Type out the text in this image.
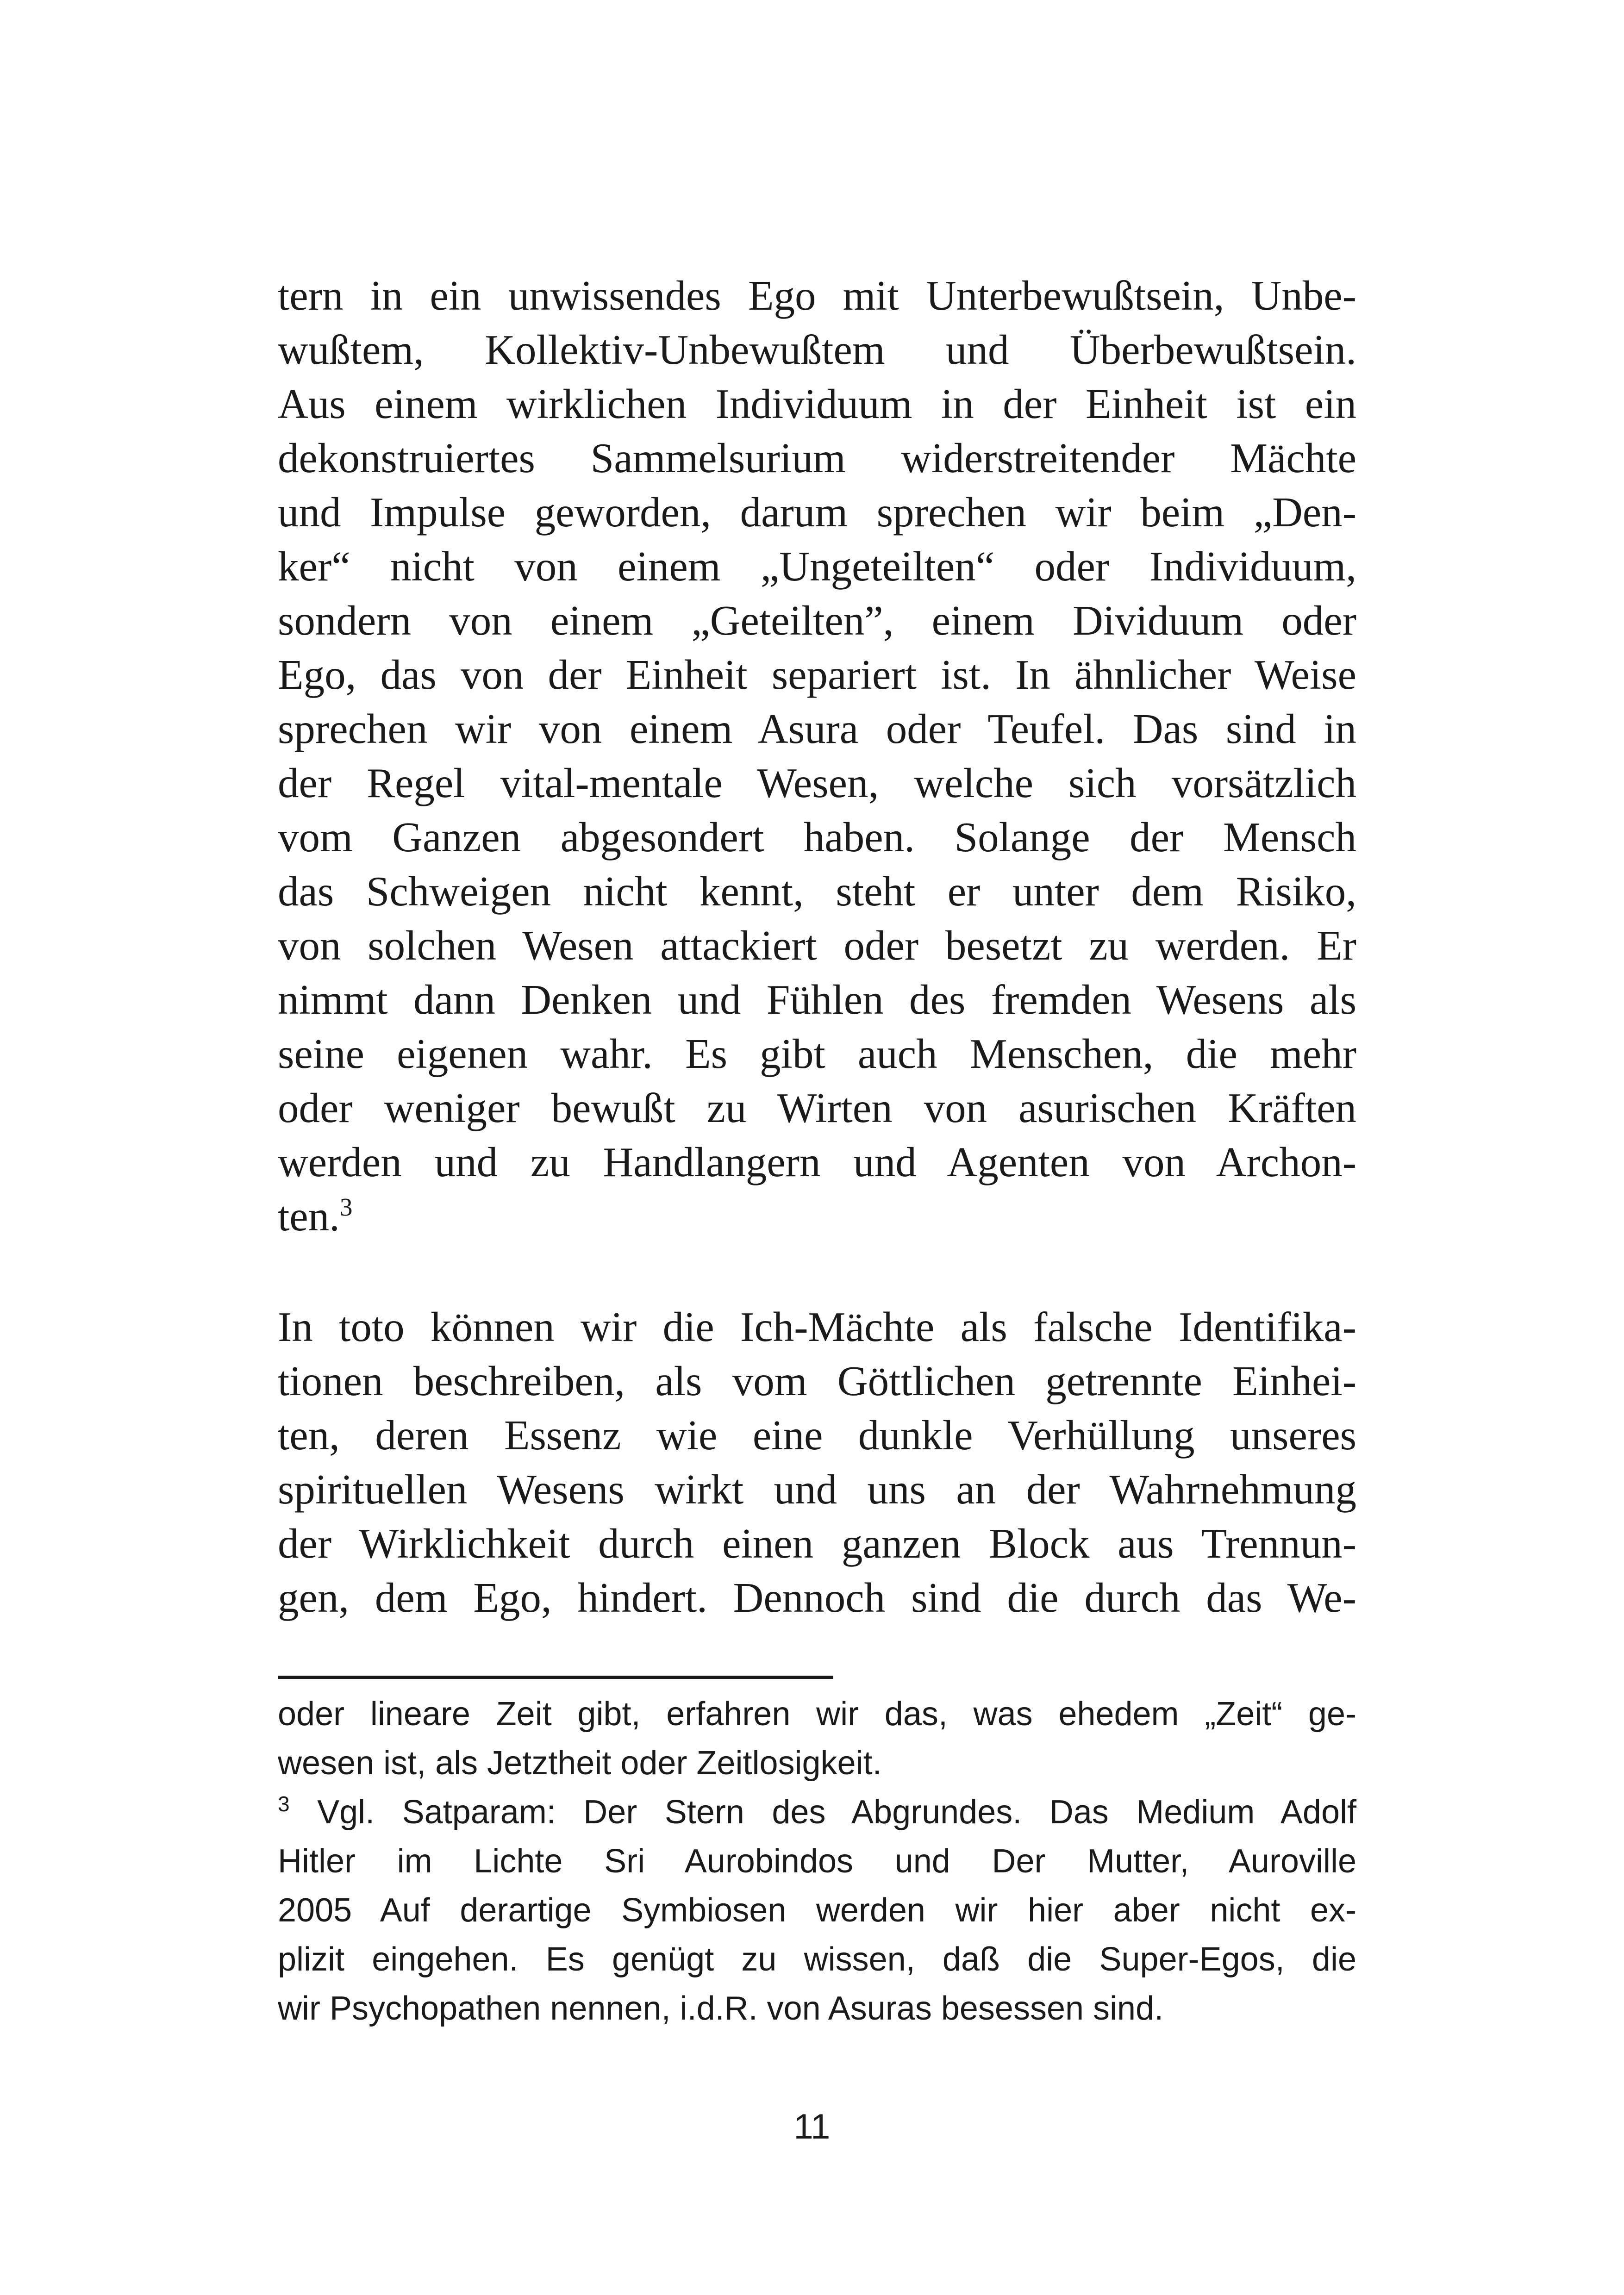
tern in ein unwissendes Ego mit Unterbewußtsein, Unbe-
wußtem, Kollektiv-Unbewußtem und Überbewußtsein.
Aus einem wirklichen Individuum in der Einheit ist ein
dekonstruiertes Sammelsurium widerstreitender Mächte
und Impulse geworden, darum sprechen wir beim „Den-
ker“ nicht von einem „Ungeteilten“ oder Individuum,
sondern von einem „Geteilten”, einem Dividuum oder
Ego, das von der Einheit separiert ist. In ähnlicher Weise
sprechen wir von einem Asura oder Teufel. Das sind in
der Regel vital-mentale Wesen, welche sich vorsätzlich
vom Ganzen abgesondert haben. Solange der Mensch
das Schweigen nicht kennt, steht er unter dem Risiko,
von solchen Wesen attackiert oder besetzt zu werden. Er
nimmt dann Denken und Fühlen des fremden Wesens als
seine eigenen wahr. Es gibt auch Menschen, die mehr
oder weniger bewußt zu Wirten von asurischen Kräften
werden und zu Handlangern und Agenten von Archon-
ten.$^3$
In toto können wir die Ich-Mächte als falsche Identifika-
tionen beschreiben, als vom Göttlichen getrennte Einhei-
ten, deren Essenz wie eine dunkle Verhüllung unseres
spirituellen Wesens wirkt und uns an der Wahrnehmung
der Wirklichkeit durch einen ganzen Block aus Trennun-
gen, dem Ego, hindert. Dennoch sind die durch das We-
oder lineare Zeit gibt, erfahren wir das, was ehedem „Zeit“ ge-
wesen ist, als Jetztheit oder Zeitlosigkeit.
$^3$ Vgl. Satparam: Der Stern des Abgrundes. Das Medium Adolf
Hitler im Lichte Sri Aurobindos und Der Mutter, Auroville
2005 Auf derartige Symbiosen werden wir hier aber nicht ex-
plizit eingehen. Es genügt zu wissen, daß die Super-Egos, die
wir Psychopathen nennen, i.d.R. von Asuras besessen sind.
11
